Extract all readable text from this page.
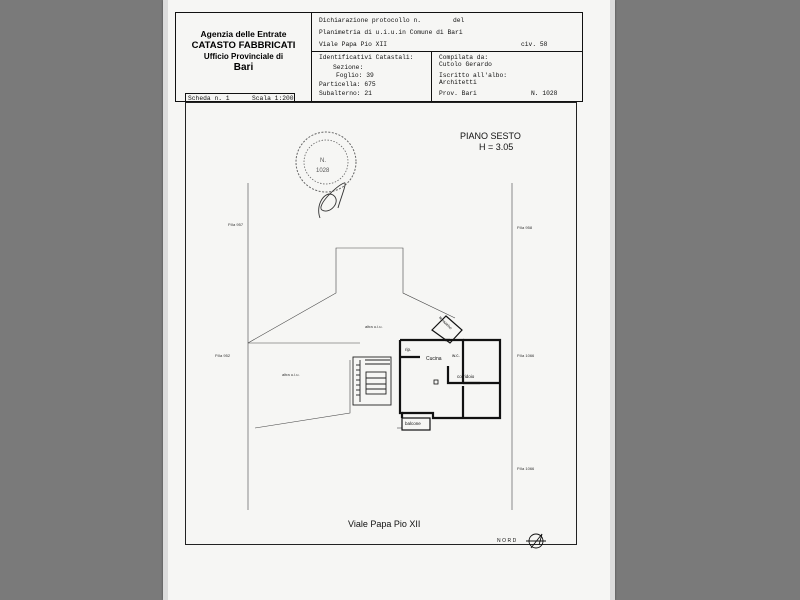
Agenzia delle Entrate
CATASTO FABBRICATI
Ufficio Provinciale di
Bari
Dichiarazione protocollo n.	del
Planimetria di u.i.u.in Comune di Bari
Viale Papa Pio XII	civ. 58
Identificativi Catastali:
Sezione:
Foglio: 39
Particella: 675
Subalterno: 21
Compilata da:
Cutolo Gerardo
Iscritto all'albo:
Architetti
Prov. Bari	N. 1028
Scheda n. 1	Scala 1:200
N.
1028
PIANO SESTO
H = 3.05
Viale Papa Pio XII
NORD
P.lla 957
P.lla 958
P.lla 952	P.lla 1066
P.lla 1066
altra u.i.u.
altra u.i.u.
rip.
Cucina
w.c.
corridoio
balcone
terrazzino
